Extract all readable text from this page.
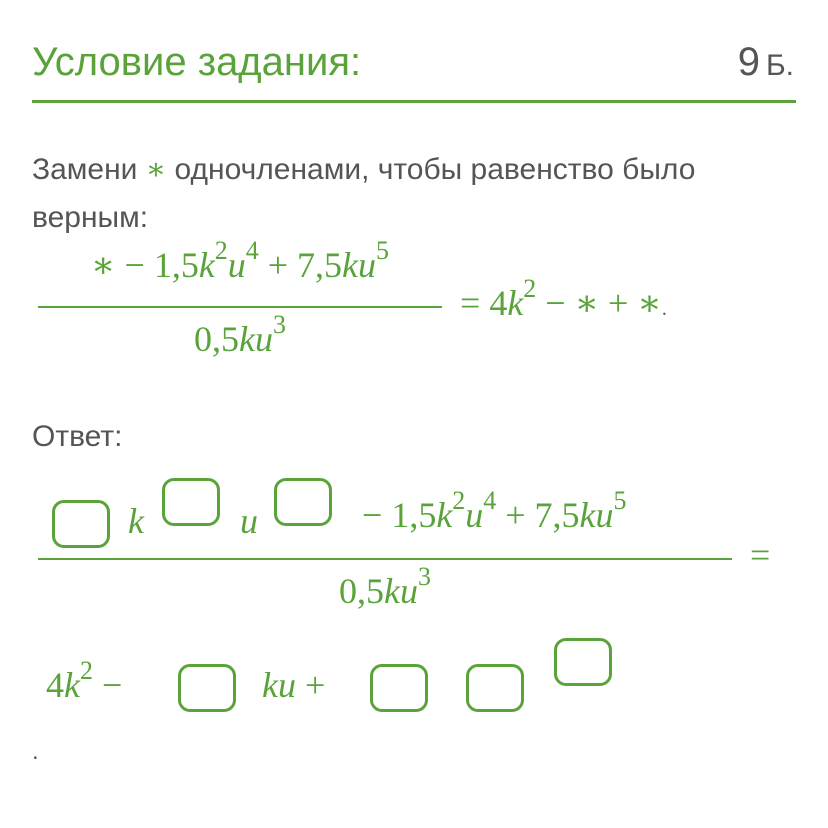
Условие задания:	9 Б.
Замени ∗ одночленами, чтобы равенство было верным:
∗ − $1,5k^2u^4 + 7,5ku^5$
$0,5ku^3$
= $4k^2$ − ∗ + ∗.
Ответ:
k	u	− $1,5k^2u^4 + 7,5ku^5$
$0,5ku^3$
=
$4k^2$ −	ku +
.
